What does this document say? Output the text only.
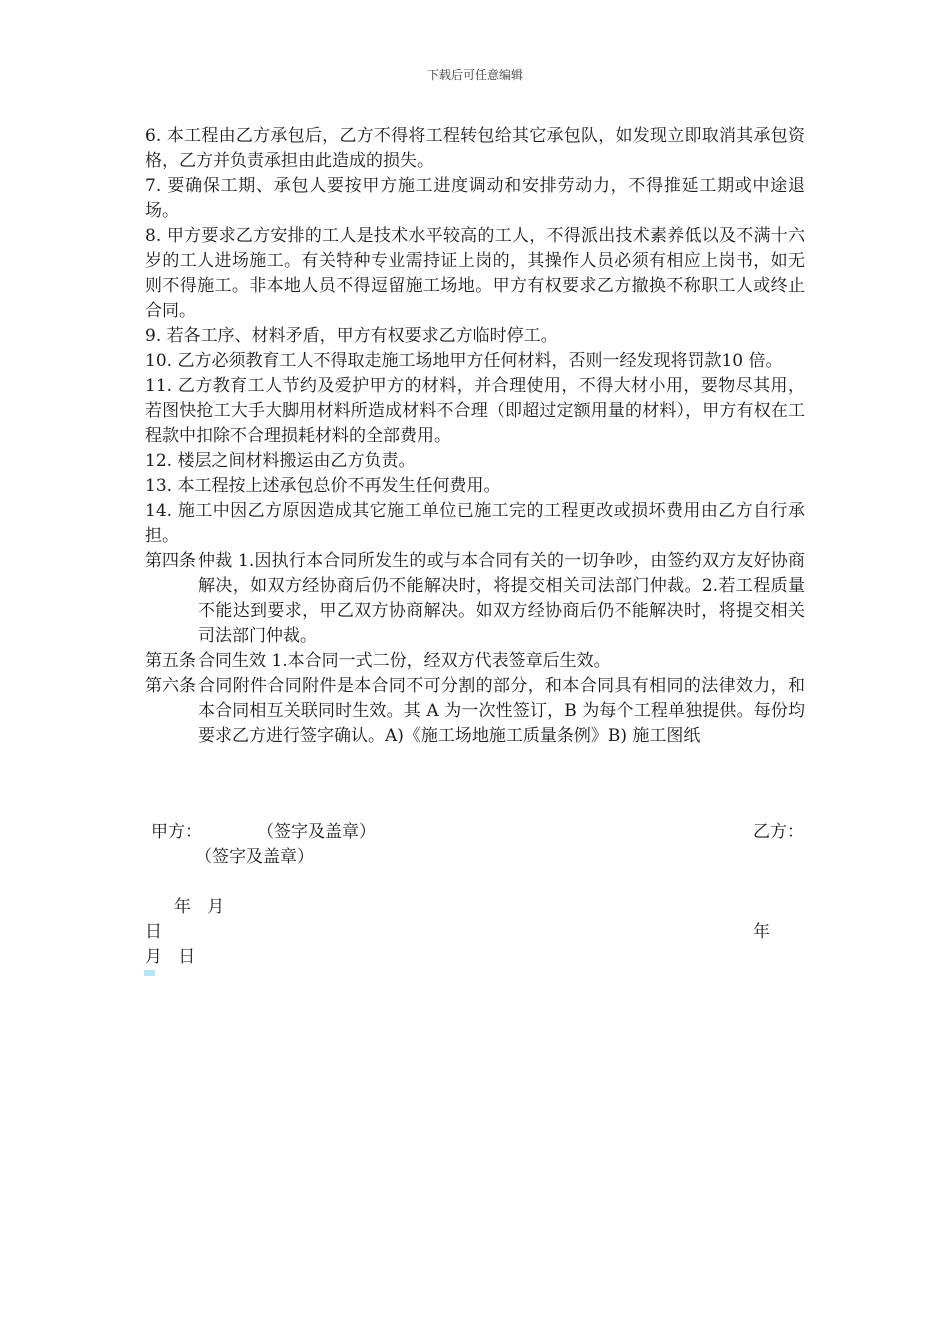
下载后可任意编辑

6. 本工程由乙方承包后，乙方不得将工程转包给其它承包队，如发现立即取消其承包资格，乙方并负责承担由此造成的损失。

7. 要确保工期、承包人要按甲方施工进度调动和安排劳动力，不得推延工期或中途退场。

8. 甲方要求乙方安排的工人是技术水平较高的工人，不得派出技术素养低以及不满十六岁的工人进场施工。有关特种专业需持证上岗的，其操作人员必须有相应上岗书，如无则不得施工。非本地人员不得逗留施工场地。甲方有权要求乙方撤换不称职工人或终止合同。

9. 若各工序、材料矛盾，甲方有权要求乙方临时停工。

10. 乙方必须教育工人不得取走施工场地甲方任何材料，否则一经发现将罚款10 倍。

11. 乙方教育工人节约及爱护甲方的材料，并合理使用，不得大材小用，要物尽其用，若图快抢工大手大脚用材料所造成材料不合理（即超过定额用量的材料），甲方有权在工程款中扣除不合理损耗材料的全部费用。

12. 楼层之间材料搬运由乙方负责。

13. 本工程按上述承包总价不再发生任何费用。

14. 施工中因乙方原因造成其它施工单位已施工完的工程更改或损坏费用由乙方自行承担。

第四条 仲裁 1.因执行本合同所发生的或与本合同有关的一切争吵，由签约双方友好协商解决，如双方经协商后仍不能解决时，将提交相关司法部门仲裁。2.若工程质量不能达到要求，甲乙双方协商解决。如双方经协商后仍不能解决时，将提交相关司法部门仲裁。
第五条 合同生效 1.本合同一式二份，经双方代表签章后生效。
第六条 合同附件合同附件是本合同不可分割的部分，和本合同具有相同的法律效力，和本合同相互关联同时生效。其 A 为一次性签订，B 为每个工程单独提供。每份均要求乙方进行签字确认。A)《施工场地施工质量条例》B) 施工图纸
甲方：	（签字及盖章）	乙方：
（签字及盖章）
年   月
日	年
月   日
